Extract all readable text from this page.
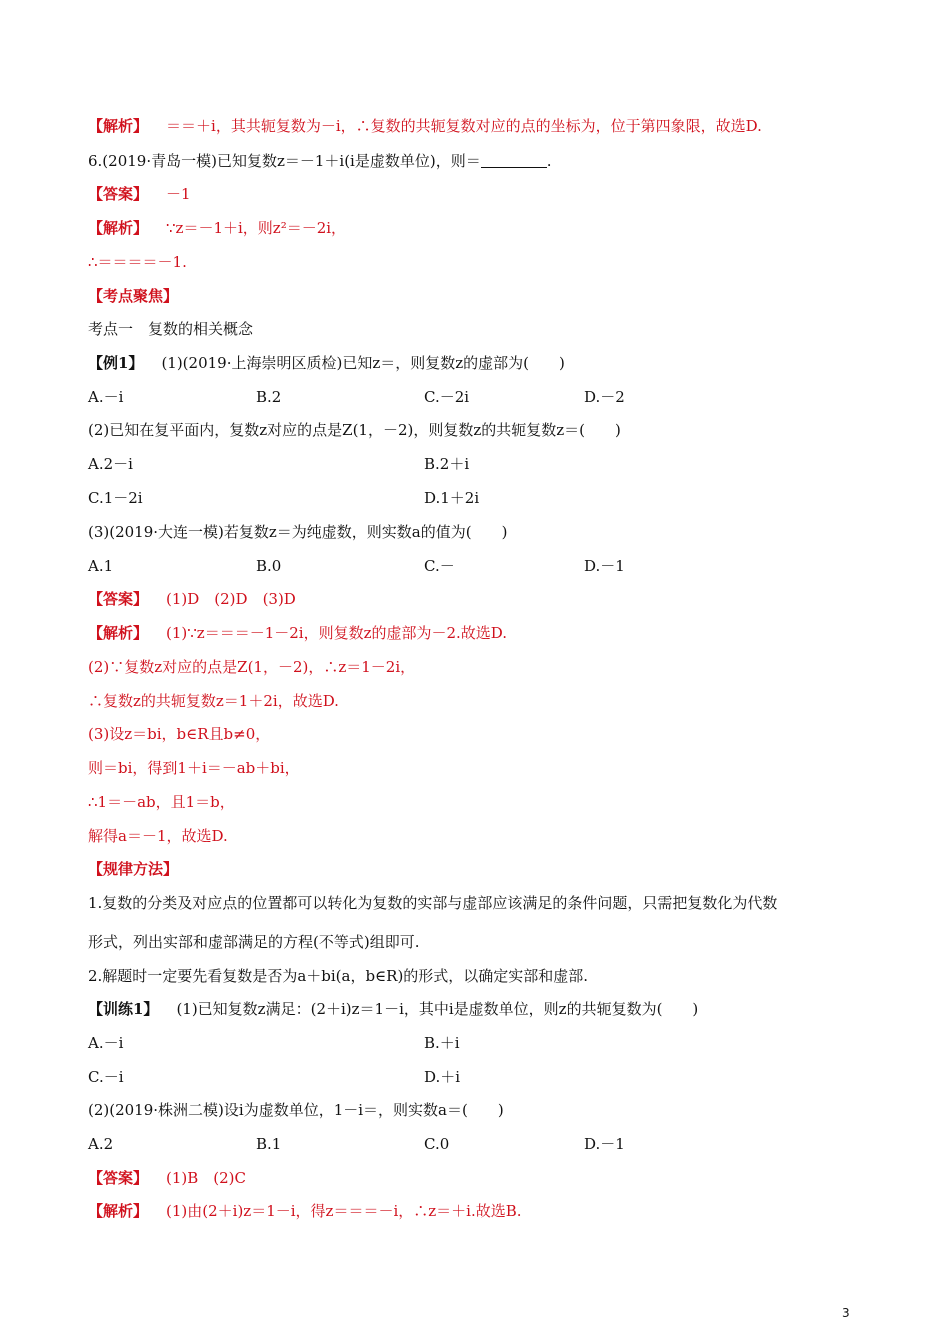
【解析】 ＝＝＋i，其共轭复数为－i，∴复数的共轭复数对应的点的坐标为，位于第四象限，故选D.
6.(2019·青岛一模)已知复数z＝－1＋i(i是虚数单位)，则＝	.
【答案】 －1
【解析】 ∵z＝－1＋i，则z²＝－2i，
∴＝＝＝＝－1.
【考点聚焦】
考点一　复数的相关概念
【例1】 (1)(2019·上海崇明区质检)已知z＝，则复数z的虚部为(　　)
A.－i	B.2	C.－2i	D.－2
(2)已知在复平面内，复数z对应的点是Z(1，－2)，则复数z的共轭复数z＝(　　)
A.2－i	B.2＋i
C.1－2i	D.1＋2i
(3)(2019·大连一模)若复数z＝为纯虚数，则实数a的值为(　　)
A.1	B.0	C.－	D.－1
【答案】 (1)D　(2)D　(3)D
【解析】 (1)∵z＝＝＝－1－2i，则复数z的虚部为－2.故选D.
(2)∵复数z对应的点是Z(1，－2)，∴z＝1－2i，
∴复数z的共轭复数z＝1＋2i，故选D.
(3)设z＝bi，b∈R且b≠0，
则＝bi，得到1＋i＝－ab＋bi，
∴1＝－ab，且1＝b，
解得a＝－1，故选D.
【规律方法】
1.复数的分类及对应点的位置都可以转化为复数的实部与虚部应该满足的条件问题，只需把复数化为代数
形式，列出实部和虚部满足的方程(不等式)组即可.
2.解题时一定要先看复数是否为a＋bi(a，b∈R)的形式，以确定实部和虚部.
【训练1】 (1)已知复数z满足：(2＋i)z＝1－i，其中i是虚数单位，则z的共轭复数为(　　)
A.－i	B.＋i
C.－i	D.＋i
(2)(2019·株洲二模)设i为虚数单位，1－i＝，则实数a＝(　　)
A.2	B.1	C.0	D.－1
【答案】 (1)B　(2)C
【解析】 (1)由(2＋i)z＝1－i，得z＝＝＝－i，∴z＝＋i.故选B.
3
